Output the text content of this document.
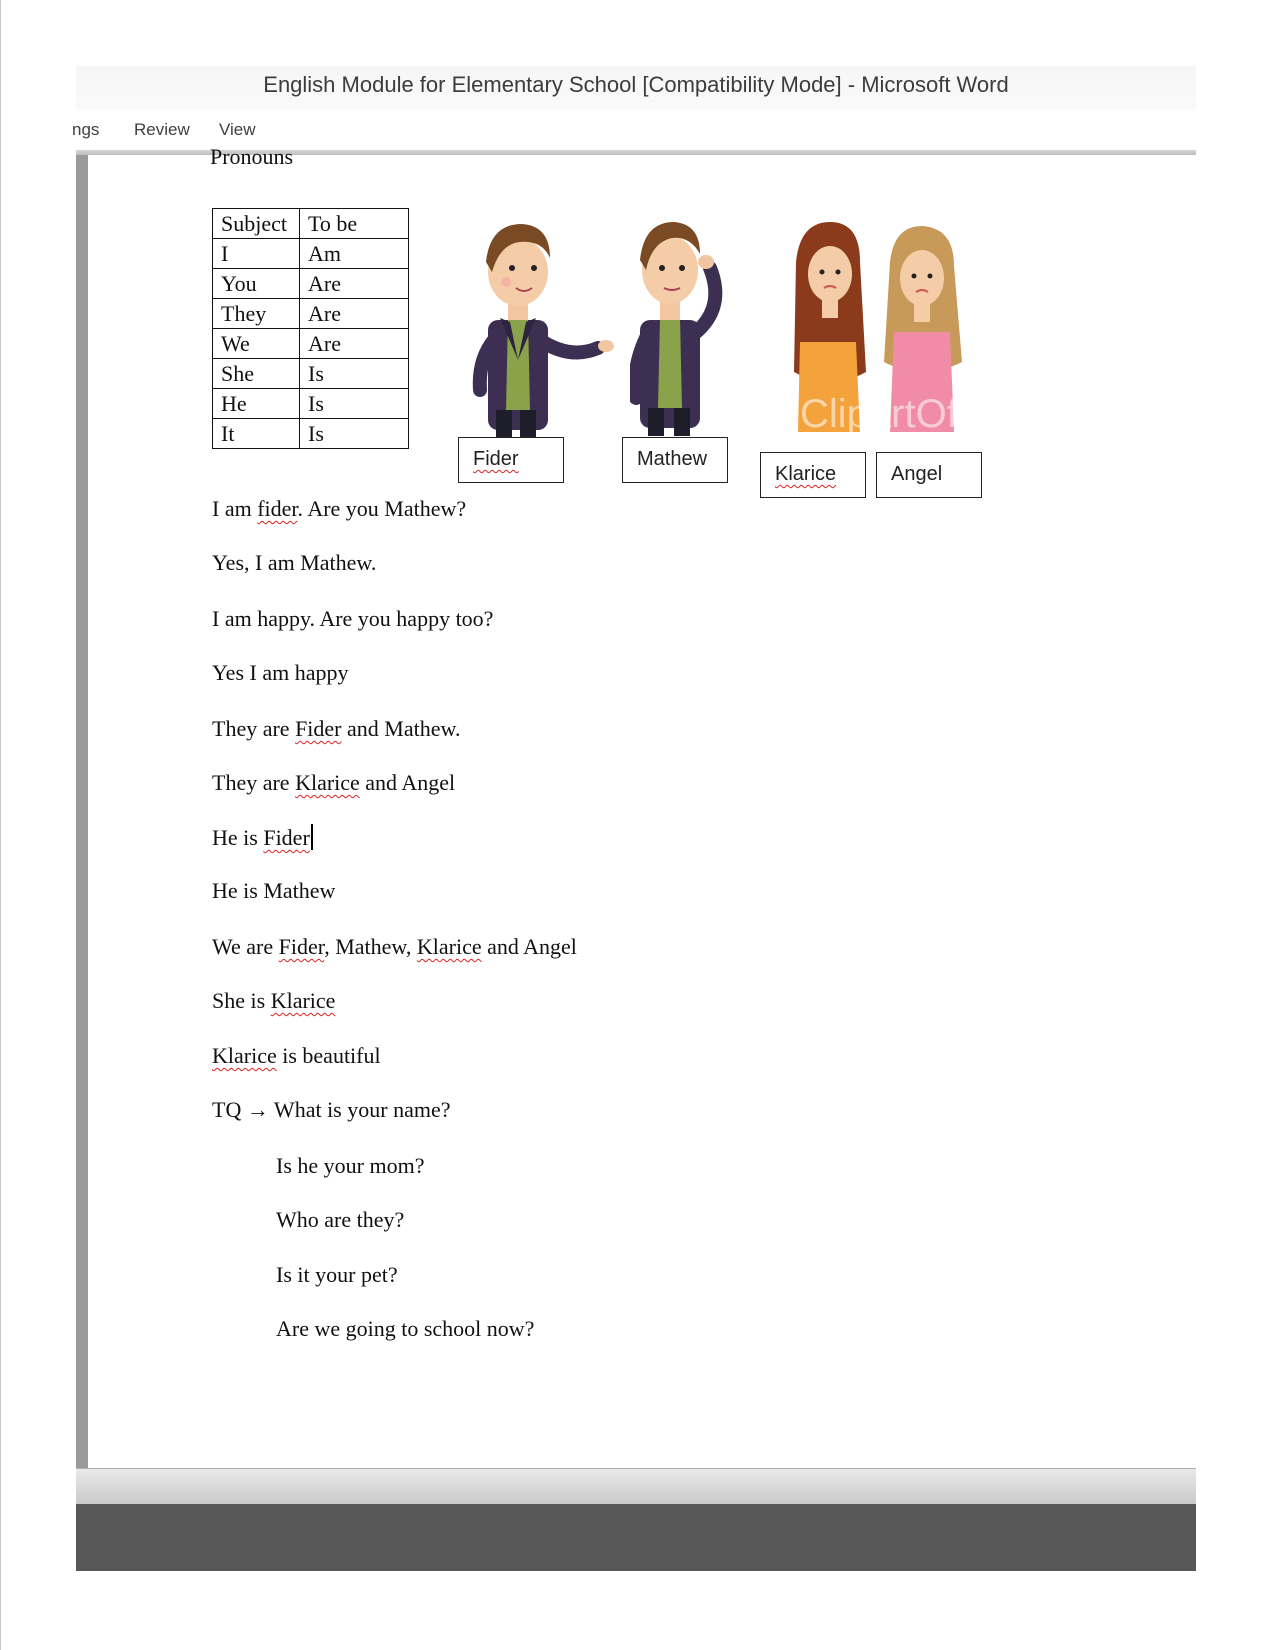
English Module for Elementary School [Compatibility Mode] - Microsoft Word
ngs Review View
Pronouns
Subject	To be
I	Am
You	Are
They	Are
We	Are
She	Is
He	Is
It	Is	ClipartOf
Fider	Mathew
Klarice	Angel
I am fider. Are you Mathew?
Yes, I am Mathew.
I am happy. Are you happy too?
Yes I am happy
They are Fider and Mathew.
They are Klarice and Angel
He is Fider
He is Mathew
We are Fider, Mathew, Klarice and Angel
She is Klarice
Klarice is beautiful
TQ → What is your name?
Is he your mom?
Who are they?
Is it your pet?
Are we going to school now?
